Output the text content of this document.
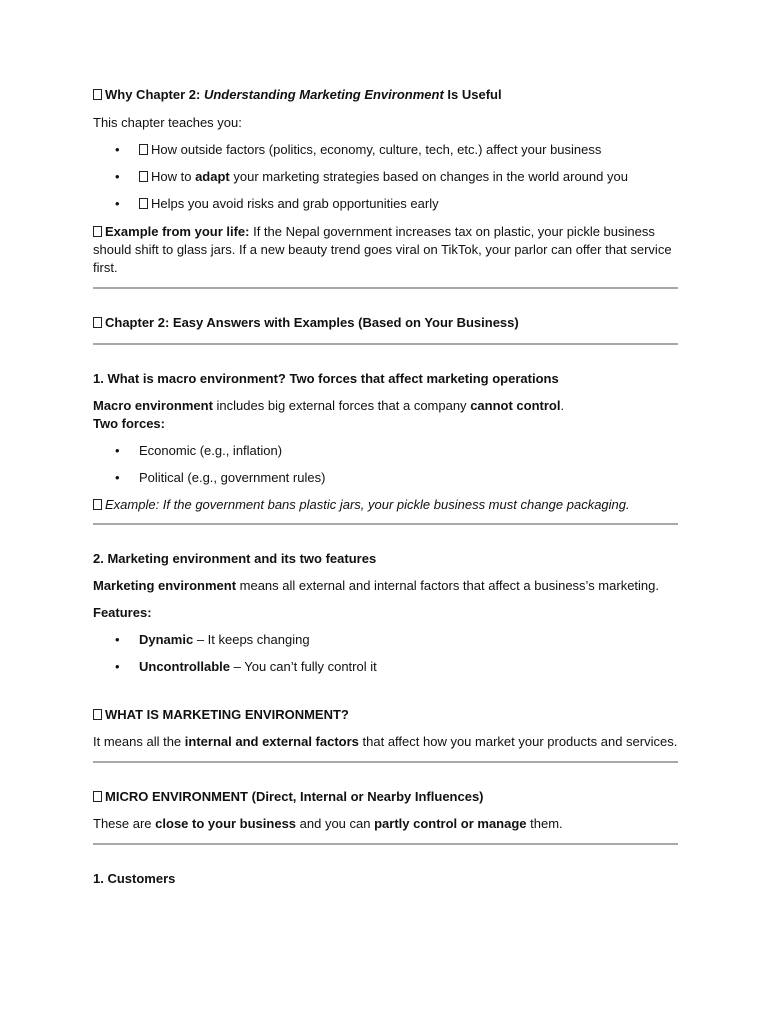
Why Chapter 2: Understanding Marketing Environment Is Useful

This chapter teaches you:

• How outside factors (politics, economy, culture, tech, etc.) affect your business
• How to adapt your marketing strategies based on changes in the world around you
• Helps you avoid risks and grab opportunities early

Example from your life: If the Nepal government increases tax on plastic, your pickle business should shift to glass jars. If a new beauty trend goes viral on TikTok, your parlor can offer that service first.

Chapter 2: Easy Answers with Examples (Based on Your Business)

1. What is macro environment? Two forces that affect marketing operations

Macro environment includes big external forces that a company cannot control.

Two forces:

• Economic (e.g., inflation)
• Political (e.g., government rules)

Example: If the government bans plastic jars, your pickle business must change packaging.

2. Marketing environment and its two features

Marketing environment means all external and internal factors that affect a business’s marketing.

Features:

• Dynamic – It keeps changing
• Uncontrollable – You can’t fully control it

WHAT IS MARKETING ENVIRONMENT?

It means all the internal and external factors that affect how you market your products and services.

MICRO ENVIRONMENT (Direct, Internal or Nearby Influences)

These are close to your business and you can partly control or manage them.

1. Customers
